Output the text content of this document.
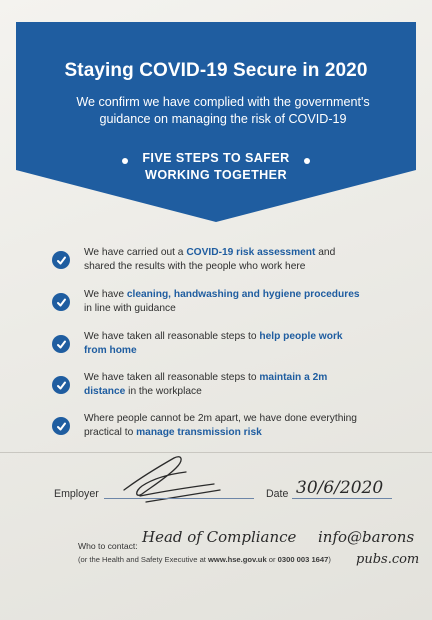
Staying COVID-19 Secure in 2020
We confirm we have complied with the government's
guidance on managing the risk of COVID-19
FIVE STEPS TO SAFER
WORKING TOGETHER
We have carried out a COVID-19 risk assessment and
shared the results with the people who work here
We have cleaning, handwashing and hygiene procedures
in line with guidance
We have taken all reasonable steps to help people work
from home
We have taken all reasonable steps to maintain a 2m
distance in the workplace
Where people cannot be 2m apart, we have done everything
practical to manage transmission risk
Employer	Date 30/6/2020
Who to contact: Head of Compliance info@barons
pubs.com
(or the Health and Safety Executive at www.hse.gov.uk or 0300 003 1647)
